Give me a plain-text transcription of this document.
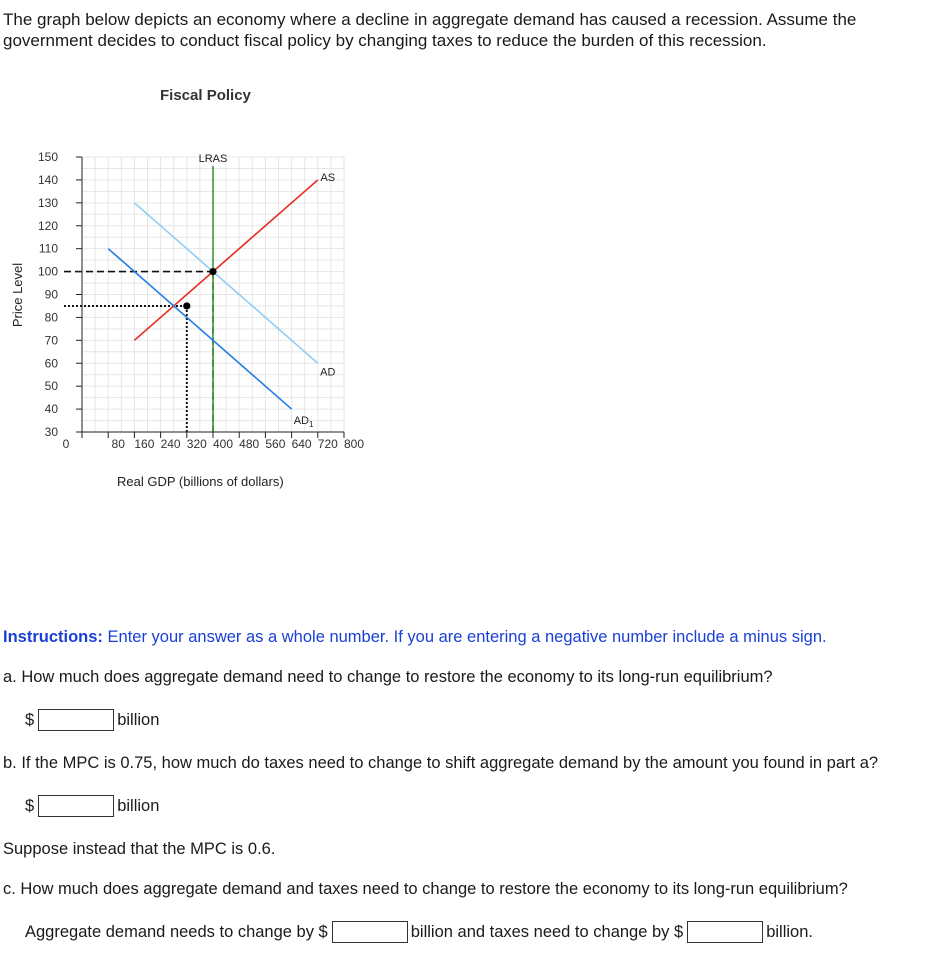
The graph below depicts an economy where a decline in aggregate demand has caused a recession. Assume the government decides to conduct fiscal policy by changing taxes to reduce the burden of this recession.

Fiscal Policy
30
40
50
60
70
80
90
100
110
120
130
140
150
0	80 160 240 320 400 480 560 640 720 800
LRAS
AS
AD
$AD_1$
Price Level
Real GDP (billions of dollars)

Instructions: Enter your answer as a whole number. If you are entering a negative number include a minus sign.

a. How much does aggregate demand need to change to restore the economy to its long-run equilibrium?

$	billion

b. If the MPC is 0.75, how much do taxes need to change to shift aggregate demand by the amount you found in part a?

$	billion

Suppose instead that the MPC is 0.6.

c. How much does aggregate demand and taxes need to change to restore the economy to its long-run equilibrium?

Aggregate demand needs to change by $	billion and taxes need to change by $	billion.
